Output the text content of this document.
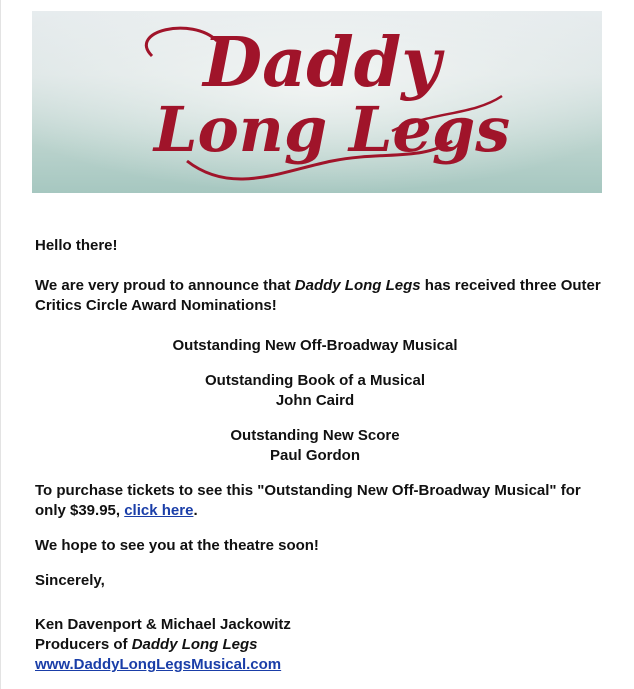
Daddy
Long Legs

Hello there!

We are very proud to announce that Daddy Long Legs has received three Outer Critics Circle Award Nominations!

Outstanding New Off-Broadway Musical

Outstanding Book of a Musical
John Caird

Outstanding New Score
Paul Gordon

To purchase tickets to see this "Outstanding New Off-Broadway Musical" for only $39.95, click here.

We hope to see you at the theatre soon!

Sincerely,

Ken Davenport & Michael Jackowitz
Producers of Daddy Long Legs
www.DaddyLongLegsMusical.com
